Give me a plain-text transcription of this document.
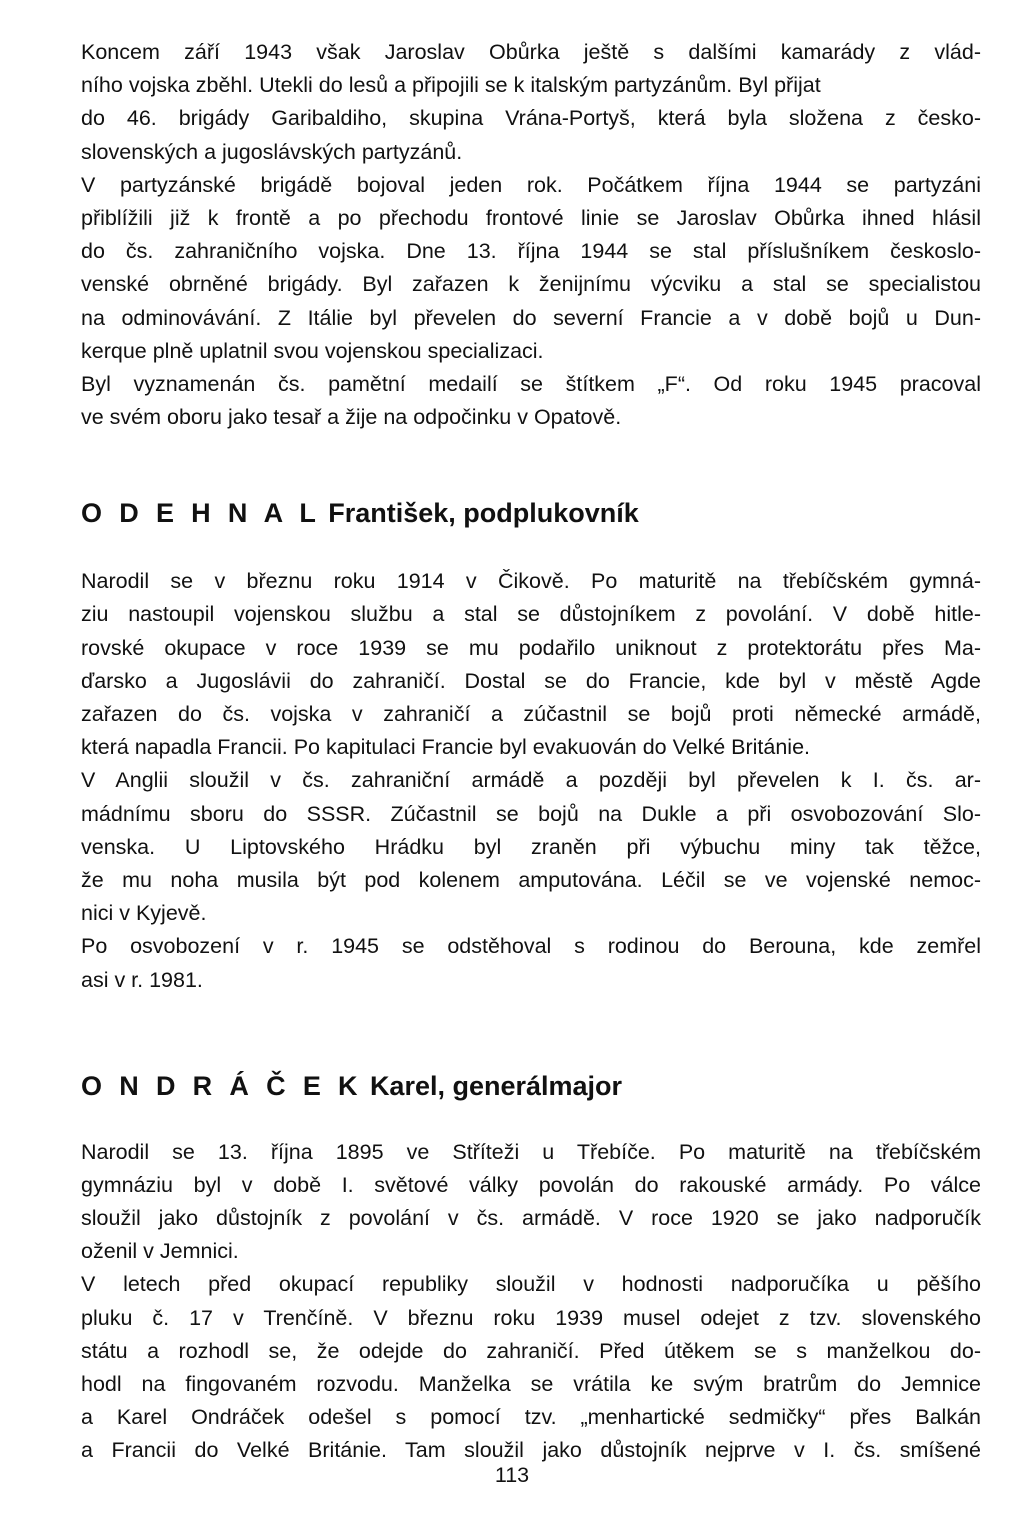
Koncem září 1943 však Jaroslav Obůrka ještě s dalšími kamarády z vlád-
ního vojska zběhl. Utekli do lesů a připojili se k italským partyzánům. Byl přijat
do 46. brigády Garibaldiho, skupina Vrána-Portyš, která byla složena z česko-
slovenských a jugoslávských partyzánů.
V partyzánské brigádě bojoval jeden rok. Počátkem října 1944 se partyzáni
přiblížili již k frontě a po přechodu frontové linie se Jaroslav Obůrka ihned hlásil
do čs. zahraničního vojska. Dne 13. října 1944 se stal příslušníkem českoslo-
venské obrněné brigády. Byl zařazen k ženijnímu výcviku a stal se specialistou
na odminovávání. Z Itálie byl převelen do severní Francie a v době bojů u Dun-
kerque plně uplatnil svou vojenskou specializaci.
Byl vyznamenán čs. pamětní medailí se štítkem „F“. Od roku 1945 pracoval
ve svém oboru jako tesař a žije na odpočinku v Opatově.
O D E H N A L František, podplukovník
Narodil se v březnu roku 1914 v Čikově. Po maturitě na třebíčském gymná-
ziu nastoupil vojenskou službu a stal se důstojníkem z povolání. V době hitle-
rovské okupace v roce 1939 se mu podařilo uniknout z protektorátu přes Ma-
ďarsko a Jugoslávii do zahraničí. Dostal se do Francie, kde byl v městě Agde
zařazen do čs. vojska v zahraničí a zúčastnil se bojů proti německé armádě,
která napadla Francii. Po kapitulaci Francie byl evakuován do Velké Británie.
V Anglii sloužil v čs. zahraniční armádě a později byl převelen k I. čs. ar-
mádnímu sboru do SSSR. Zúčastnil se bojů na Dukle a při osvobozování Slo-
venska. U Liptovského Hrádku byl zraněn při výbuchu miny tak těžce,
že mu noha musila být pod kolenem amputována. Léčil se ve vojenské nemoc-
nici v Kyjevě.
Po osvobození v r. 1945 se odstěhoval s rodinou do Berouna, kde zemřel
asi v r. 1981.
O N D R Á Č E K Karel, generálmajor
Narodil se 13. října 1895 ve Stříteži u Třebíče. Po maturitě na třebíčském
gymnáziu byl v době I. světové války povolán do rakouské armády. Po válce
sloužil jako důstojník z povolání v čs. armádě. V roce 1920 se jako nadporučík
oženil v Jemnici.
V letech před okupací republiky sloužil v hodnosti nadporučíka u pěšího
pluku č. 17 v Trenčíně. V březnu roku 1939 musel odejet z tzv. slovenského
státu a rozhodl se, že odejde do zahraničí. Před útěkem se s manželkou do-
hodl na fingovaném rozvodu. Manželka se vrátila ke svým bratrům do Jemnice
a Karel Ondráček odešel s pomocí tzv. „menhartické sedmičky“ přes Balkán
a Francii do Velké Británie. Tam sloužil jako důstojník nejprve v I. čs. smíšené
113
